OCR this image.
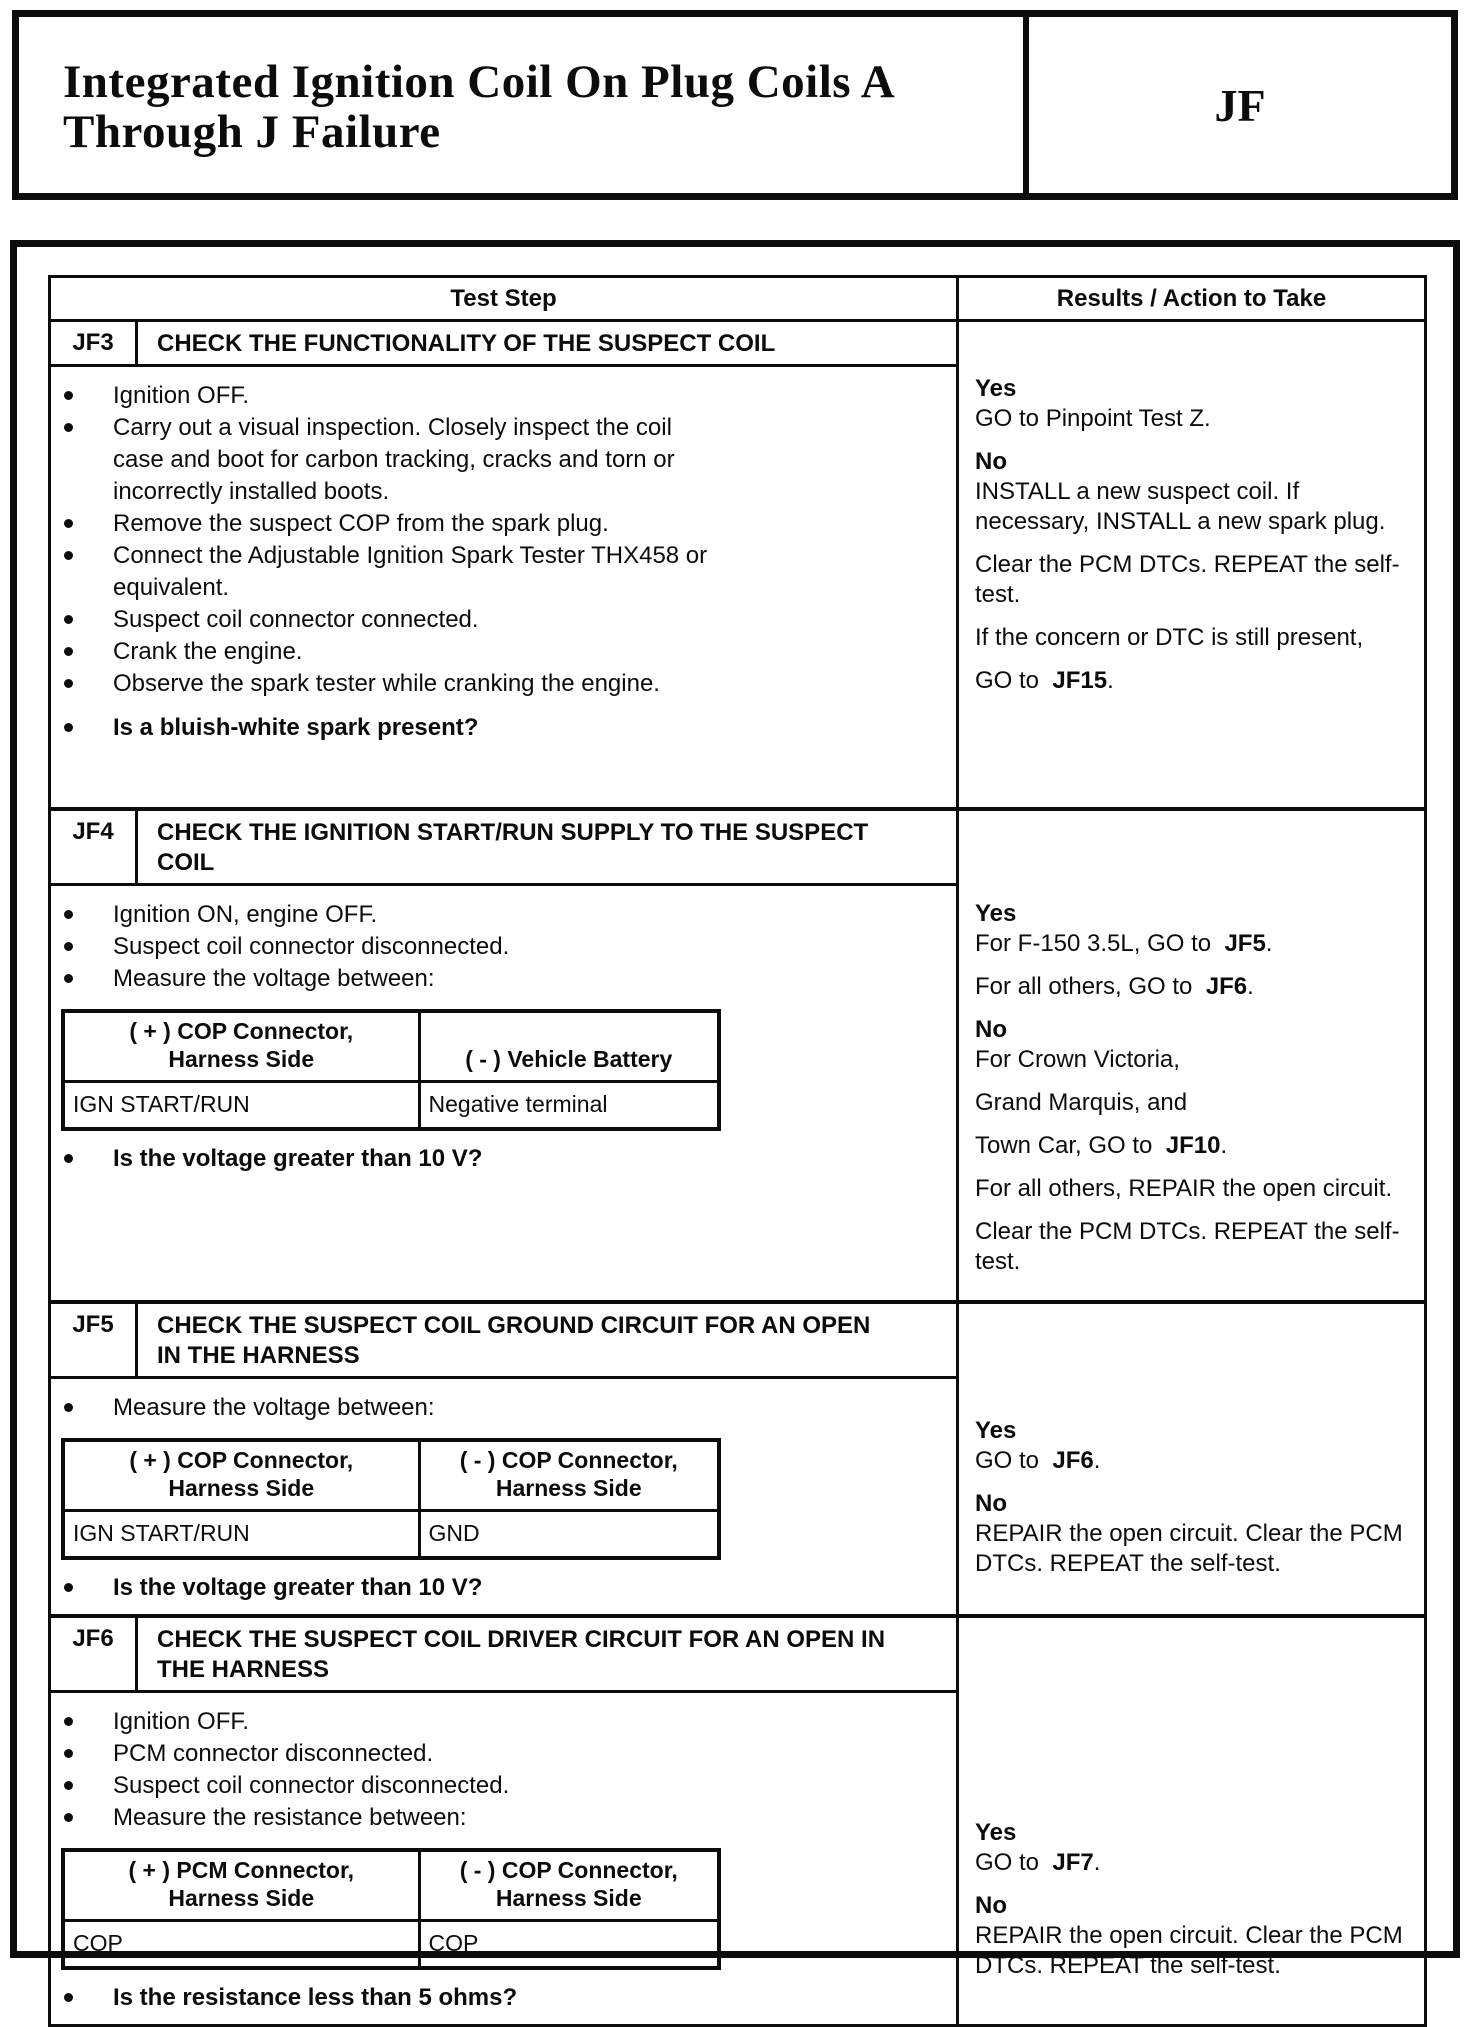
Integrated Ignition Coil On Plug Coils A Through J Failure
JF
Test Step	Results / Action to Take
JF3	CHECK THE FUNCTIONALITY OF THE SUSPECT COIL
Ignition OFF.
Carry out a visual inspection. Closely inspect the coil case and boot for carbon tracking, cracks and torn or incorrectly installed boots.
Remove the suspect COP from the spark plug.
Connect the Adjustable Ignition Spark Tester THX458 or equivalent.
Suspect coil connector connected.
Crank the engine.
Observe the spark tester while cranking the engine.
Is a bluish-white spark present?

Yes

GO to Pinpoint Test Z.

No

INSTALL a new suspect coil. If necessary, INSTALL a new spark plug.

Clear the PCM DTCs. REPEAT the self-test.

If the concern or DTC is still present,

GO to  JF15.

JF4	CHECK THE IGNITION START/RUN SUPPLY TO THE SUSPECT COIL
Ignition ON, engine OFF.
Suspect coil connector disconnected.
Measure the voltage between:
( + ) COP Connector, Harness Side	( - ) Vehicle Battery
IGN START/RUN	Negative terminal
Is the voltage greater than 10 V?

Yes

For F-150 3.5L, GO to  JF5.

For all others, GO to  JF6.

No

For Crown Victoria,

Grand Marquis, and

Town Car, GO to  JF10.

For all others, REPAIR the open circuit.

Clear the PCM DTCs. REPEAT the self-test.

JF5	CHECK THE SUSPECT COIL GROUND CIRCUIT FOR AN OPEN IN THE HARNESS
Measure the voltage between:
( + ) COP Connector, Harness Side	( - ) COP Connector, Harness Side
IGN START/RUN	GND
Is the voltage greater than 10 V?

Yes

GO to  JF6.

No

REPAIR the open circuit. Clear the PCM DTCs. REPEAT the self-test.

JF6	CHECK THE SUSPECT COIL DRIVER CIRCUIT FOR AN OPEN IN THE HARNESS
Ignition OFF.
PCM connector disconnected.
Suspect coil connector disconnected.
Measure the resistance between:
( + ) PCM Connector, Harness Side	( - ) COP Connector, Harness Side
COP	COP
Is the resistance less than 5 ohms?

Yes

GO to  JF7.

No

REPAIR the open circuit. Clear the PCM DTCs. REPEAT the self-test.
